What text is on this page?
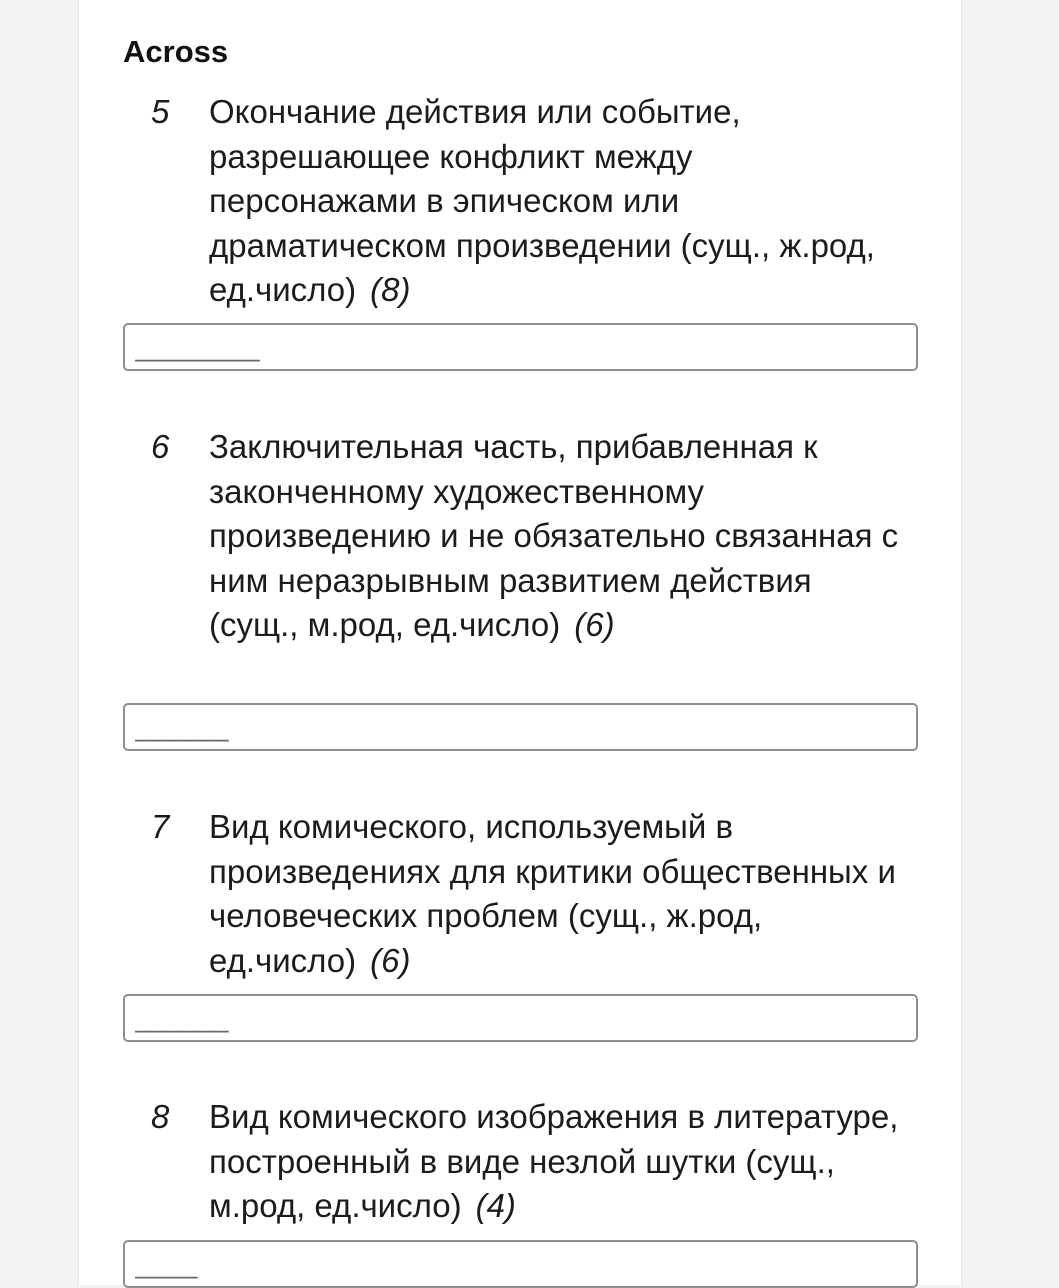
Across
5 Окончание действия или событие, разрешающее конфликт между персонажами в эпическом или драматическом произведении (сущ., ж.род, ед.число) (8)

________
6 Заключительная часть, прибавленная к законченному художественному произведению и не обязательно связанная с ним неразрывным развитием действия (сущ., м.род, ед.число) (6)

______
7 Вид комического, используемый в произведениях для критики общественных и человеческих проблем (сущ., ж.род, ед.число) (6)

______
8 Вид комического изображения в литературе, построенный в виде незлой шутки (сущ., м.род, ед.число) (4)

____
